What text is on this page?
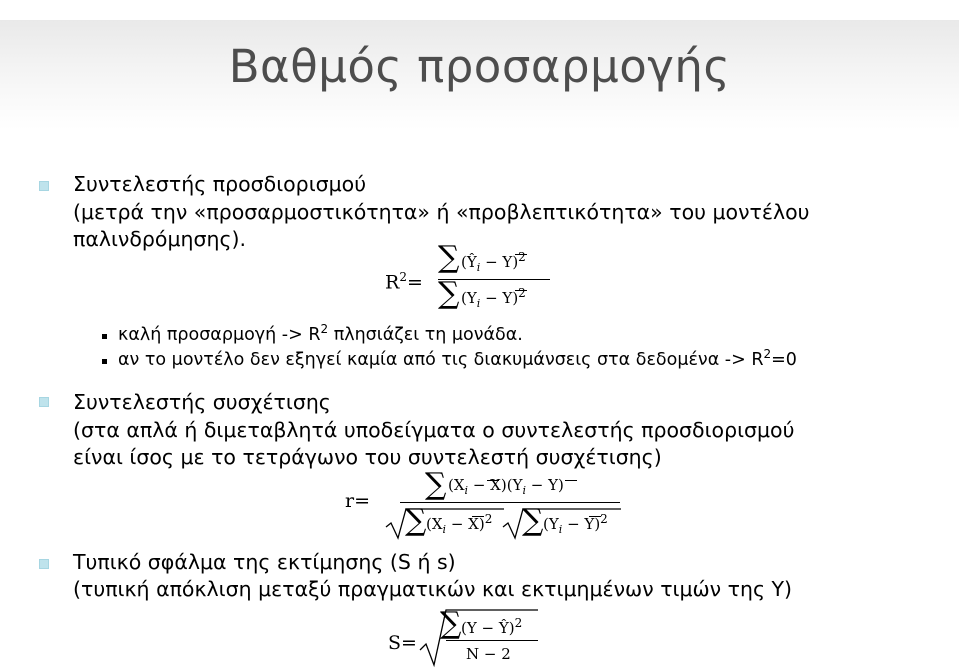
Βαθμός προσαρμογής
Συντελεστής προσδιορισμού
(μετρά την «προσαρμοστικότητα» ή «προβλεπτικότητα» του μοντέλου
παλινδρόμησης).
$R^2=$
∑ $(Ŷ_i - Y)^2$
∑ $(Y_i - Y)^2$
καλή $\pi\rho o\sigma\alpha\rho\mu o\gamma ή -> R^2$ πλησιάζει τη μονάδα.
αν το μοντέλο δεν εξηγεί καμία από τις διακυμάνσεις στα $\delta\varepsilon\delta o\mu έ\nu\alpha -> R^2=0$
Συντελεστής συσχέτισης
(στα απλά ή διμεταβλητά υποδείγματα ο συντελεστής προσδιορισμού
είναι ίσος με το τετράγωνο του συντελεστή συσχέτισης)
r= ∑ $(X_i - X)(Y_i - Y)$
∑ $(X_i - X)^2$ ∑ $(Y_i - Y)^2$
Τυπικό σφάλμα της εκτίμησης (S ή s)
(τυπική απόκλιση μεταξύ πραγματικών και εκτιμημένων τιμών της Y)
S=
∑ (Y − Ŷ)$^2$
N − 2
